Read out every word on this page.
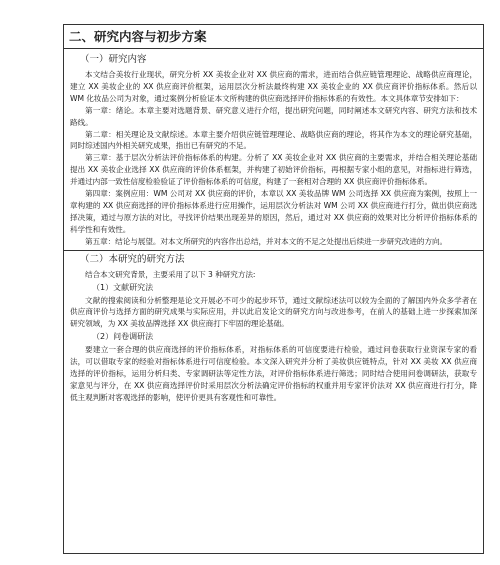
二、研究内容与初步方案
（一）研究内容

本文结合美妆行业现状，研究分析 XX 美妆企业对 XX 供应商的需求，进而结合供应链管理理论、战略供应商理论，建立 XX 美妆企业的 XX 供应商评价框架，运用层次分析法最终构建 XX 美妆企业的 XX 供应商评价指标体系。然后以 WM 化妆品公司为对象，通过案例分析验证本文所构建的供应商选择评价指标体系的有效性。本文具体章节安排如下：

第一章：绪论。本章主要对选题背景、研究意义进行介绍，提出研究问题，同时阐述本文研究内容、研究方法和技术路线。

第二章：相关理论及文献综述。本章主要介绍供应链管理理论、战略供应商的理论，将其作为本文的理论研究基础，同时综述国内外相关研究成果，指出已有研究的不足。

第三章：基于层次分析法评价指标体系的构建。分析了 XX 美妆企业对 XX 供应商的主要需求，并结合相关理论基础提出 XX 美妆企业选择 XX 供应商的评价体系框架，并构建了初始评价指标，再根据专家小组的意见，对指标进行筛选，并通过内部一致性信度检验验证了评价指标体系的可信度，构建了一套相对合理的 XX 供应商评价指标体系。

第四章：案例应用：WM 公司对 XX 供应商的评价，本章以 XX 美妆品牌 WM 公司选择 XX 供应商为案例，按照上一章构建的 XX 供应商选择的评价指标体系进行应用操作，运用层次分析法对 WM 公司 XX 供应商进行打分，做出供应商选择决策，通过与原方法的对比，寻找评价结果出现差异的原因，然后，通过对 XX 供应商的效果对比分析评价指标体系的科学性和有效性。

第五章：结论与展望。对本文所研究的内容作出总结，并对本文的不足之处提出后续进一步研究改进的方向。

（二）本研究的研究方法

结合本文研究背景，主要采用了以下 3 种研究方法:

（1）文献研究法

文献的搜索阅读和分析整理是论文开展必不可少的起步环节，通过文献综述法可以较为全面的了解国内外众多学者在供应商评价与选择方面的研究成果与实际应用，并以此启发论文的研究方向与改进参考，在前人的基础上进一步探索加深研究领域，为 XX 美妆品牌选择 XX 供应商打下牢固的理论基础。

（2）问卷调研法

要建立一套合理的供应商选择的评价指标体系，对指标体系的可信度要进行检验，通过问卷获取行业资深专家的看法，可以借取专家的经验对指标体系进行可信度检验。本文深入研究并分析了美妆供应链特点，针对 XX 美妆 XX 供应商选择的评价指标，运用分析归类、专家调研法等定性方法，对评价指标体系进行筛选；同时结合使用问卷调研法，获取专家意见与评分，在 XX 供应商选择评价时采用层次分析法确定评价指标的权重并用专家评价法对 XX 供应商进行打分，降低主观判断对客观选择的影响，使评价更具有客观性和可靠性。
